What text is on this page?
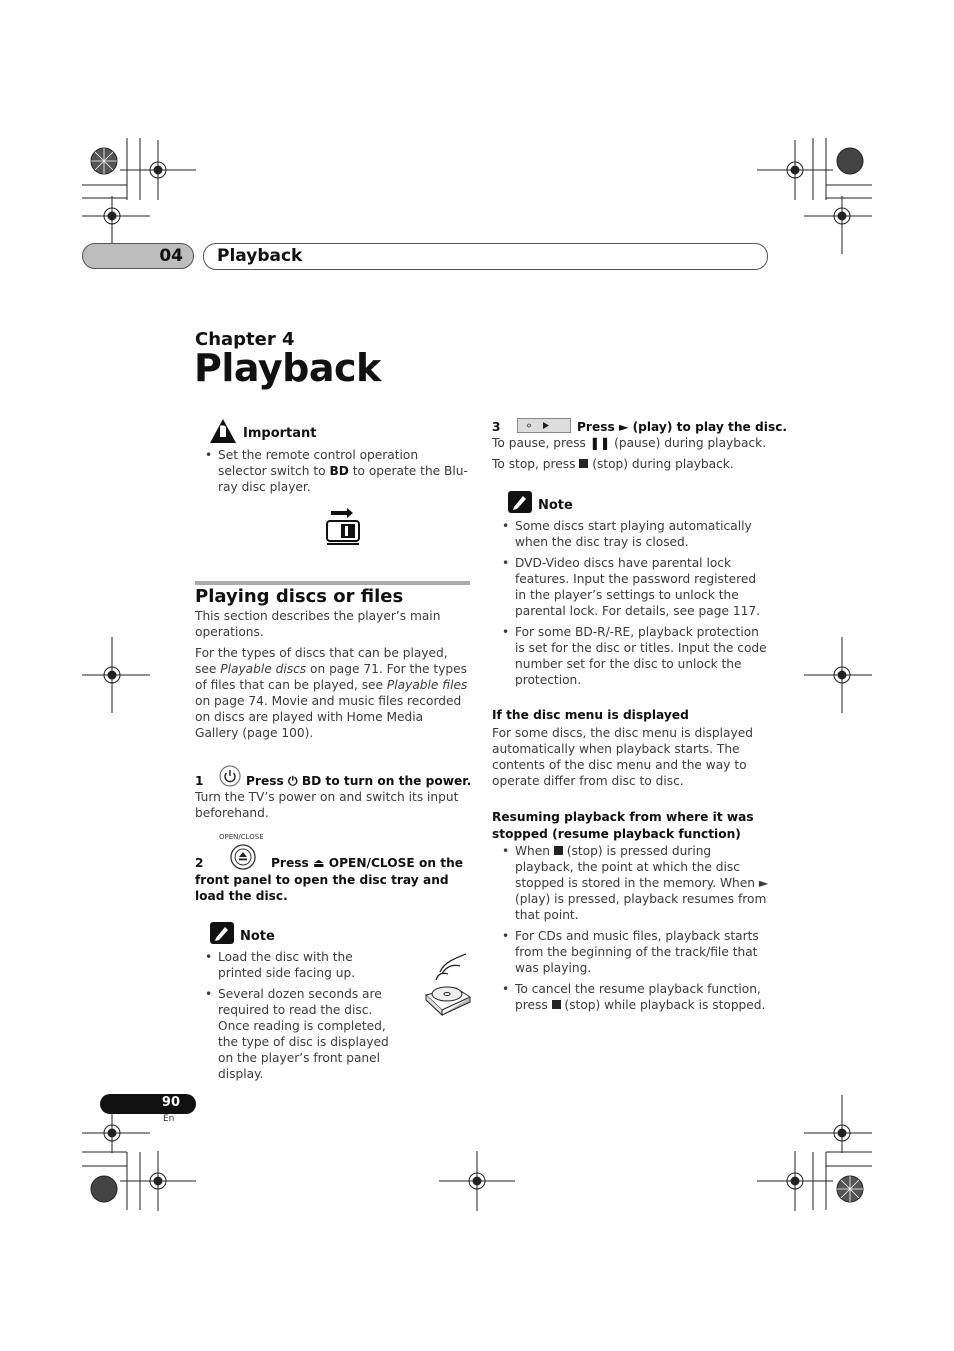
04 Playback
Chapter 4
Playback
Important
• Set the remote control operation selector switch to BD to operate the Blu-ray disc player.
Playing discs or files
This section describes the player’s main operations.
For the types of discs that can be played, see Playable discs on page 71. For the types of files that can be played, see Playable files on page 74. Movie and music files recorded on discs are played with Home Media Gallery (page 100).
1	Press ⏻ BD to turn on the power.
Turn the TV’s power on and switch its input beforehand.
OPEN/CLOSE
2	Press ⏏ OPEN/CLOSE on the
front panel to open the disc tray and load the disc.
Note
• Load the disc with the printed side facing up.
• Several dozen seconds are required to read the disc. Once reading is completed, the type of disc is displayed on the player’s front panel display.
3	Press ► (play) to play the disc.
To pause, press ❚❚ (pause) during playback.
To stop, press  (stop) during playback.
Note
• Some discs start playing automatically when the disc tray is closed.
• DVD-Video discs have parental lock features. Input the password registered in the player’s settings to unlock the parental lock. For details, see page 117.
• For some BD-R/-RE, playback protection is set for the disc or titles. Input the code number set for the disc to unlock the protection.
If the disc menu is displayed
For some discs, the disc menu is displayed automatically when playback starts. The contents of the disc menu and the way to operate differ from disc to disc.
Resuming playback from where it was stopped (resume playback function)
• When  (stop) is pressed during playback, the point at which the disc stopped is stored in the memory. When ► (play) is pressed, playback resumes from that point.
• For CDs and music files, playback starts from the beginning of the track/file that was playing.
• To cancel the resume playback function, press  (stop) while playback is stopped.
90
En
